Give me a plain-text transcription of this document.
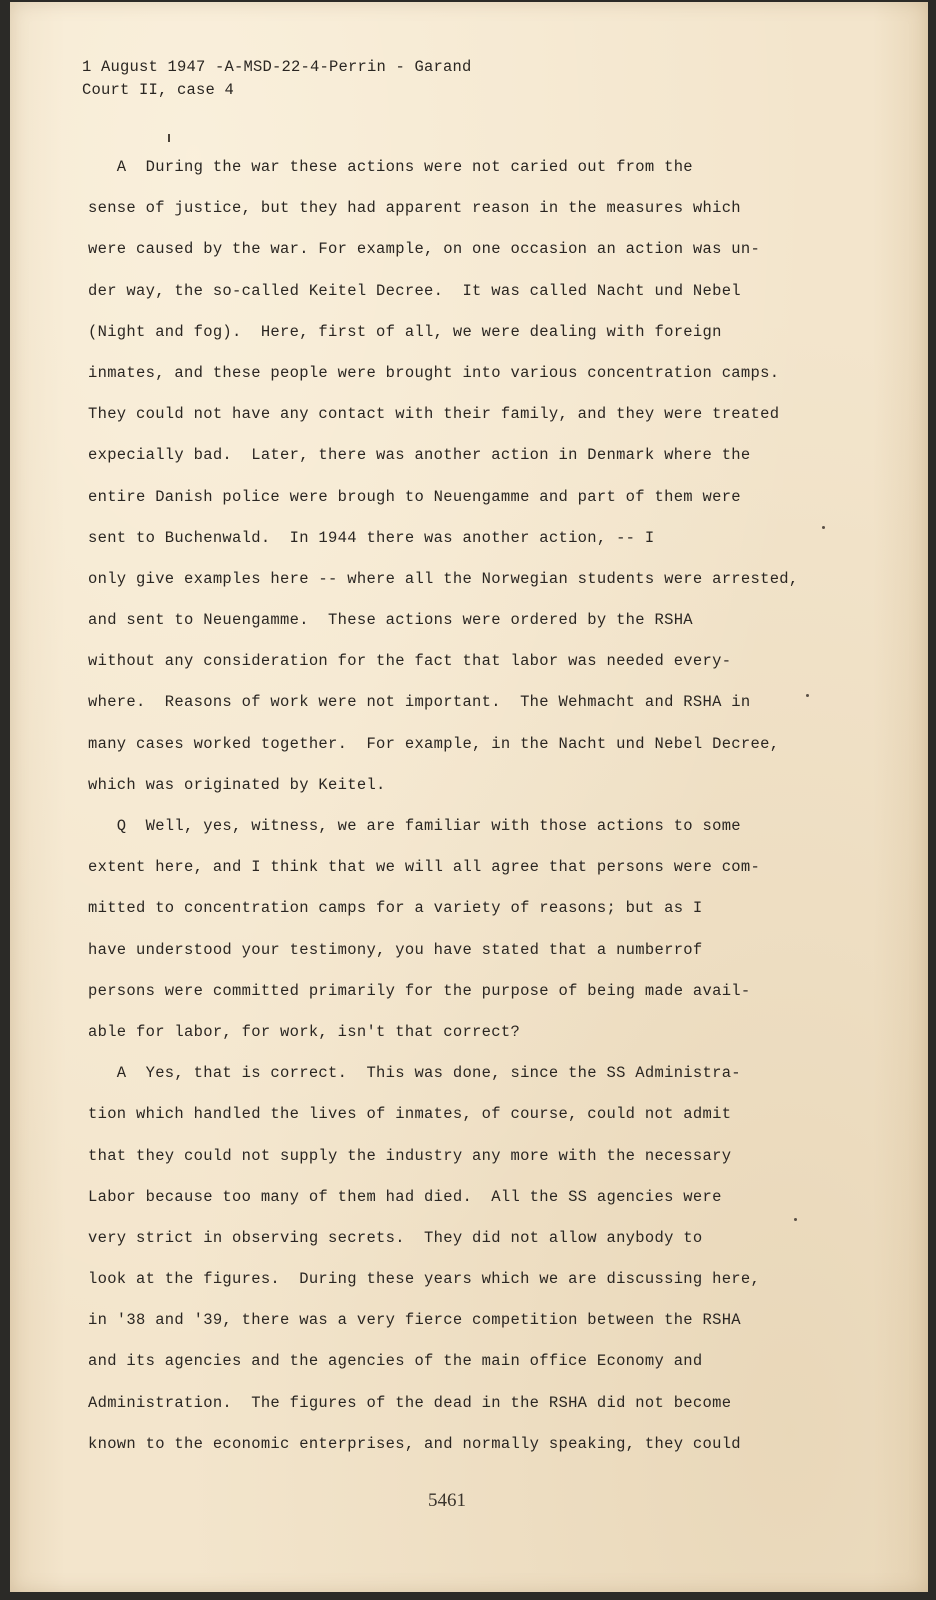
1 August 1947 -A-MSD-22-4-Perrin - Garand
Court II, case 4
A  During the war these actions were not caried out from the
sense of justice, but they had apparent reason in the measures which
were caused by the war. For example, on one occasion an action was un-
der way, the so-called Keitel Decree.  It was called Nacht und Nebel
(Night and fog).  Here, first of all, we were dealing with foreign
inmates, and these people were brought into various concentration camps.
They could not have any contact with their family, and they were treated
expecially bad.  Later, there was another action in Denmark where the
entire Danish police were brough to Neuengamme and part of them were
sent to Buchenwald.  In 1944 there was another action, -- I
only give examples here -- where all the Norwegian students were arrested,
and sent to Neuengamme.  These actions were ordered by the RSHA
without any consideration for the fact that labor was needed every-
where.  Reasons of work were not important.  The Wehmacht and RSHA in
many cases worked together.  For example, in the Nacht und Nebel Decree,
which was originated by Keitel.
Q  Well, yes, witness, we are familiar with those actions to some
extent here, and I think that we will all agree that persons were com-
mitted to concentration camps for a variety of reasons; but as I
have understood your testimony, you have stated that a numberrof
persons were committed primarily for the purpose of being made avail-
able for labor, for work, isn't that correct?
A  Yes, that is correct.  This was done, since the SS Administra-
tion which handled the lives of inmates, of course, could not admit
that they could not supply the industry any more with the necessary
Labor because too many of them had died.  All the SS agencies were
very strict in observing secrets.  They did not allow anybody to
look at the figures.  During these years which we are discussing here,
in '38 and '39, there was a very fierce competition between the RSHA
and its agencies and the agencies of the main office Economy and
Administration.  The figures of the dead in the RSHA did not become
known to the economic enterprises, and normally speaking, they could
5461
